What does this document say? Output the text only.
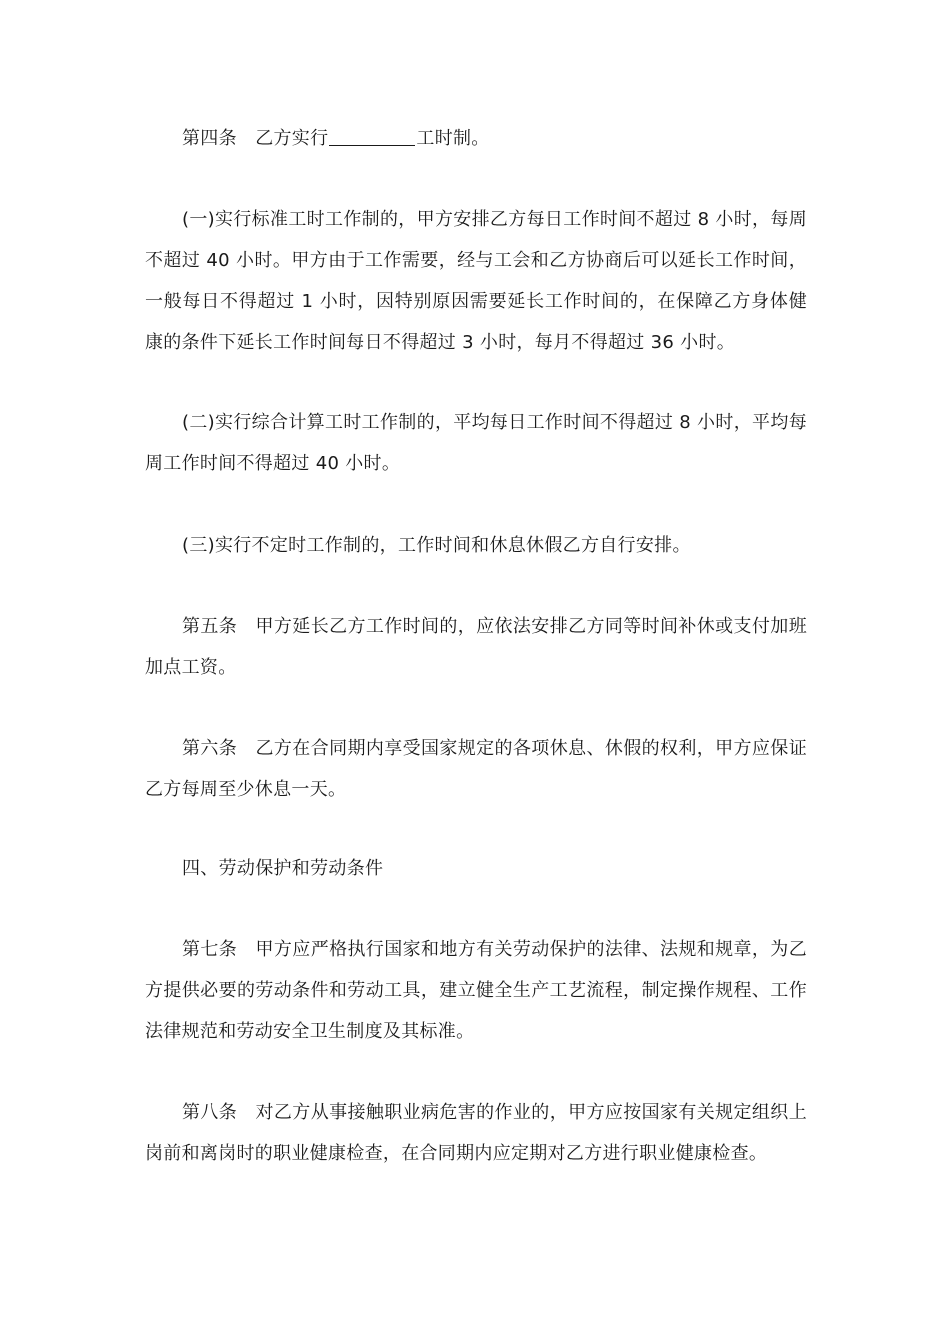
第四条　乙方实行	工时制。

(一)实行标准工时工作制的，甲方安排乙方每日工作时间不超过 8 小时，每周不超过 40 小时。甲方由于工作需要，经与工会和乙方协商后可以延长工作时间，一般每日不得超过 1 小时，因特别原因需要延长工作时间的，在保障乙方身体健康的条件下延长工作时间每日不得超过 3 小时，每月不得超过 36 小时。

(二)实行综合计算工时工作制的，平均每日工作时间不得超过 8 小时，平均每周工作时间不得超过 40 小时。

(三)实行不定时工作制的，工作时间和休息休假乙方自行安排。

第五条　甲方延长乙方工作时间的，应依法安排乙方同等时间补休或支付加班加点工资。

第六条　乙方在合同期内享受国家规定的各项休息、休假的权利，甲方应保证乙方每周至少休息一天。

四、劳动保护和劳动条件

第七条　甲方应严格执行国家和地方有关劳动保护的法律、法规和规章，为乙方提供必要的劳动条件和劳动工具，建立健全生产工艺流程，制定操作规程、工作法律规范和劳动安全卫生制度及其标准。

第八条　对乙方从事接触职业病危害的作业的，甲方应按国家有关规定组织上岗前和离岗时的职业健康检查，在合同期内应定期对乙方进行职业健康检查。
